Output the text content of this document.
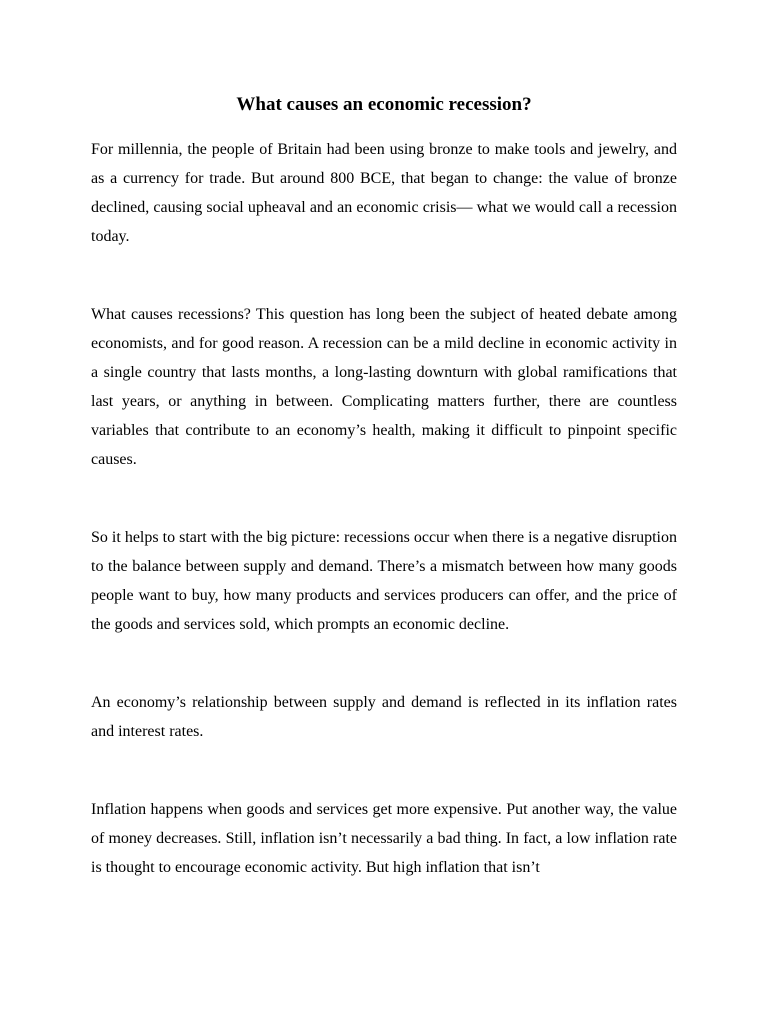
What causes an economic recession?

For millennia, the people of Britain had been using bronze to make tools and jewelry, and as a currency for trade. But around 800 BCE, that began to change: the value of bronze declined, causing social upheaval and an economic crisis— what we would call a recession today.

What causes recessions? This question has long been the subject of heated debate among economists, and for good reason. A recession can be a mild decline in economic activity in a single country that lasts months, a long-lasting downturn with global ramifications that last years, or anything in between. Complicating matters further, there are countless variables that contribute to an economy’s health, making it difficult to pinpoint specific causes.

So it helps to start with the big picture: recessions occur when there is a negative disruption to the balance between supply and demand. There’s a mismatch between how many goods people want to buy, how many products and services producers can offer, and the price of the goods and services sold, which prompts an economic decline.

An economy’s relationship between supply and demand is reflected in its inflation rates and interest rates.

Inflation happens when goods and services get more expensive. Put another way, the value of money decreases. Still, inflation isn’t necessarily a bad thing. In fact, a low inflation rate is thought to encourage economic activity. But high inflation that isn’t
